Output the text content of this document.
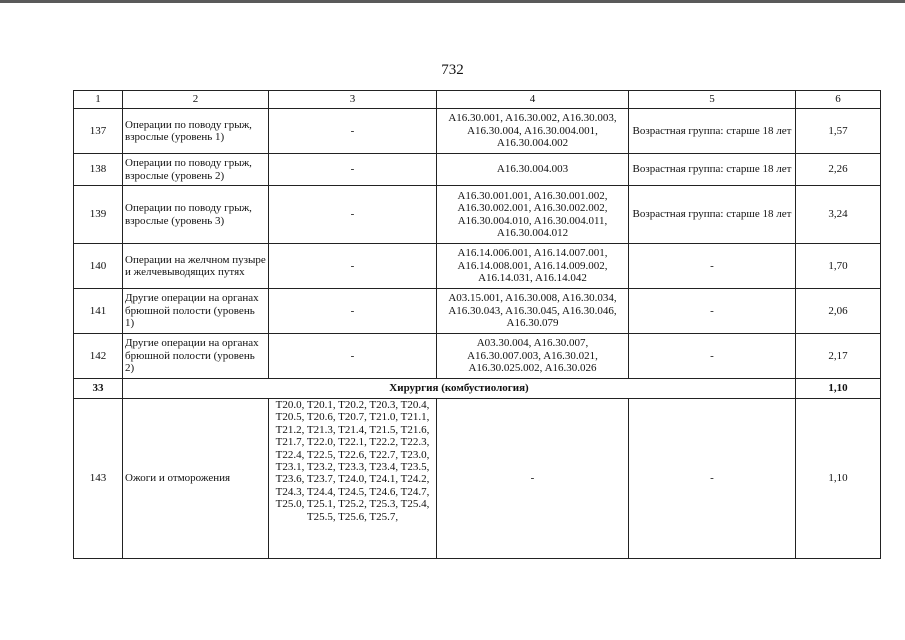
732
1	2	3	4	5	6
137	Операции по поводу грыж, взрослые (уровень 1)	-	A16.30.001, A16.30.002, A16.30.003, A16.30.004, A16.30.004.001, A16.30.004.002	Возрастная группа: старше 18 лет	1,57
138	Операции по поводу грыж, взрослые (уровень 2)	-	A16.30.004.003	Возрастная группа: старше 18 лет	2,26
139	Операции по поводу грыж, взрослые (уровень 3)	-	A16.30.001.001, A16.30.001.002, A16.30.002.001, A16.30.002.002, A16.30.004.010, A16.30.004.011, A16.30.004.012	Возрастная группа: старше 18 лет	3,24
140	Операции на желчном пузыре и желчевыводящих путях	-	A16.14.006.001, A16.14.007.001, A16.14.008.001, A16.14.009.002, A16.14.031, A16.14.042	-	1,70
141	Другие операции на органах брюшной полости (уровень 1)	-	A03.15.001, A16.30.008, A16.30.034, A16.30.043, A16.30.045, A16.30.046, A16.30.079	-	2,06
142	Другие операции на органах брюшной полости (уровень 2)	-	A03.30.004, A16.30.007, A16.30.007.003, A16.30.021, A16.30.025.002, A16.30.026	-	2,17
33	Хирургия (комбустиология)				1,10
143	Ожоги и отморожения	T20.0, T20.1, T20.2, T20.3, T20.4, T20.5, T20.6, T20.7, T21.0, T21.1, T21.2, T21.3, T21.4, T21.5, T21.6, T21.7, T22.0, T22.1, T22.2, T22.3, T22.4, T22.5, T22.6, T22.7, T23.0, T23.1, T23.2, T23.3, T23.4, T23.5, T23.6, T23.7, T24.0, T24.1, T24.2, T24.3, T24.4, T24.5, T24.6, T24.7, T25.0, T25.1, T25.2, T25.3, T25.4, T25.5, T25.6, T25.7,	-	-	1,10
